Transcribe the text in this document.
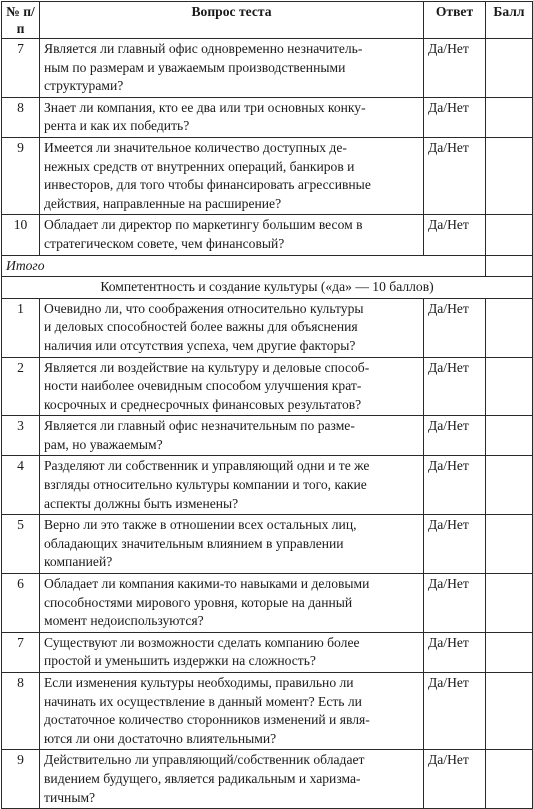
№ п/п	Вопрос теста	Ответ	Балл
7	Является ли главный офис одновременно незначитель-
ным по размерам и уважаемым производственными
структурами?	Да/Нет	
8	Знает ли компания, кто ее два или три основных конку-
рента и как их победить?	Да/Нет	
9	Имеется ли значительное количество доступных де-
нежных средств от внутренних операций, банкиров и
инвесторов, для того чтобы финансировать агрессивные
действия, направленные на расширение?	Да/Нет	
10	Обладает ли директор по маркетингу большим весом в
стратегическом совете, чем финансовый?	Да/Нет	
Итого			
Компетентность и создание культуры («да» — 10 баллов)			
1	Очевидно ли, что соображения относительно культуры
и деловых способностей более важны для объяснения
наличия или отсутствия успеха, чем другие факторы?	Да/Нет	
2	Является ли воздействие на культуру и деловые способ-
ности наиболее очевидным способом улучшения крат-
косрочных и среднесрочных финансовых результатов?	Да/Нет	
3	Является ли главный офис незначительным по разме-
рам, но уважаемым?	Да/Нет	
4	Разделяют ли собственник и управляющий одни и те же
взгляды относительно культуры компании и того, какие
аспекты должны быть изменены?	Да/Нет	
5	Верно ли это также в отношении всех остальных лиц,
обладающих значительным влиянием в управлении
компанией?	Да/Нет	
6	Обладает ли компания какими-то навыками и деловыми
способностями мирового уровня, которые на данный
момент недоиспользуются?	Да/Нет	
7	Существуют ли возможности сделать компанию более
простой и уменьшить издержки на сложность?	Да/Нет	
8	Если изменения культуры необходимы, правильно ли
начинать их осуществление в данный момент? Есть ли
достаточное количество сторонников изменений и явля-
ются ли они достаточно влиятельными?	Да/Нет	
9	Действительно ли управляющий/собственник обладает
видением будущего, является радикальным и харизма-
тичным?	Да/Нет	
